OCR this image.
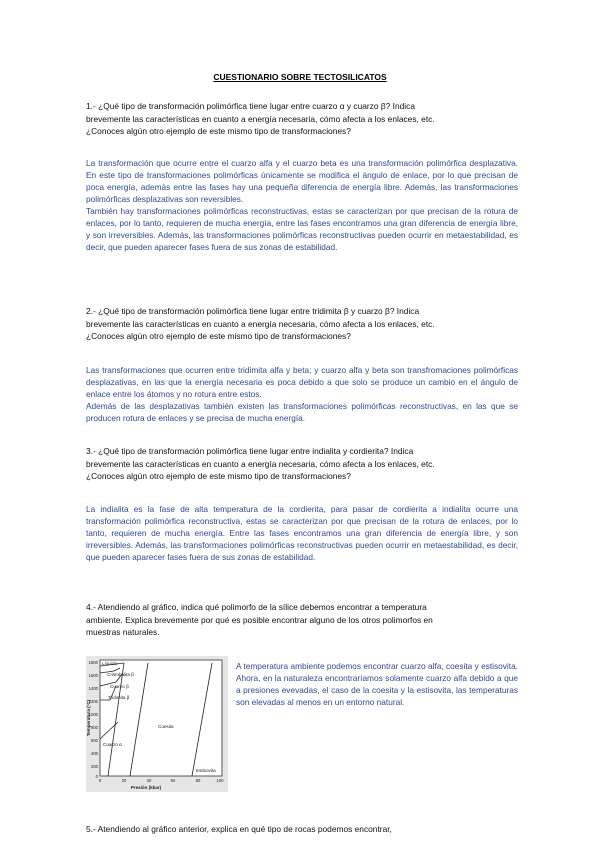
CUESTIONARIO SOBRE TECTOSILICATOS
1.- ¿Qué tipo de transformación polimórfica tiene lugar entre cuarzo α y cuarzo β? Indica
brevemente las características en cuanto a energía necesaria, cómo afecta a los enlaces, etc.
¿Conoces algún otro ejemplo de este mismo tipo de transformaciones?
La transformación que ocurre entre el cuarzo alfa y el cuarzo beta es una transformación polimórfica desplazativa. En este tipo de transformaciones polimórficas únicamente se modifica el ángulo de enlace, por lo que precisan de poca energía, además entre las fases hay una pequeña diferencia de energía libre. Además, las transformaciones polimórficas desplazativas son reversibles.
También hay transformaciones polimórficas reconstructivas, estas se caracterizan por que precisan de la rotura de enlaces, por lo tanto, requieren de mucha energía, entre las fases encontramos una gran diferencia de energía libre, y son irreversibles. Además, las transformaciones polimórficas reconstructivas pueden ocurrir en metaestabilidad, es decir, que pueden aparecer fases fuera de sus zonas de estabilidad.
2.- ¿Qué tipo de transformación polimórfica tiene lugar entre tridimita β y cuarzo β? Indica
brevemente las características en cuanto a energía necesaria, cómo afecta a los enlaces, etc.
¿Conoces algún otro ejemplo de este mismo tipo de transformaciones?
Las transformaciones que ocurren entre tridimita alfa y beta; y cuarzo alfa y beta son transfromaciones polimórficas desplazativas, en las que la energía necesaria es poca debido a que solo se produce un cambio en el ángulo de enlace entre los átomos y no rotura entre estos.
Además de las desplazativas también existen las transformaciones polimórficas reconstructivas, en las que se producen rotura de enlaces y se precisa de mucha energía.
3.- ¿Qué tipo de transformación polimórfica tiene lugar entre indialita y cordierita? Indica
brevemente las características en cuanto a energía necesaria, cómo afecta a los enlaces, etc.
¿Conoces algún otro ejemplo de este mismo tipo de transformaciones?
La indialita es la fase de alta temperatura de la cordierita, para pasar de cordierita a indialita ocurre una transformación polimórfica reconstructiva, estas se caracterizan por que precisan de la rotura de enlaces, por lo tanto, requieren de mucha energía. Entre las fases encontramos una gran diferencia de energía libre, y son irreversibles. Además, las transformaciones polimórficas reconstructivas pueden ocurrir en metaestabilidad, es decir, que pueden aparecer fases fuera de sus zonas de estabilidad.
4.- Atendiendo al gráfico, indica qué polimorfo de la sílice debemos encontrar a temperatura
ambiente. Explica brevemente por qué es posible encontrar alguno de los otros polimorfos en
muestras naturales.
1800
1600
1400
1200
1000
800
600
400
200
0
0	20	40	60	80	100
Presión (kbar)
Temperatura (°C)
Líquido
Cristobalita β
Cuarzo β
Tridimita β
Coesita
Cuarzo α
Estisovita
A temperatura ambiente podemos encontrar cuarzo alfa, coesita y estisovita. Ahora, en la naturaleza encontraríamos solamente cuarzo alfa debido a que a presiones evevadas, el caso de la coesita y la estisovita, las temperaturas son elevadas al menos en un entorno natural.
5.- Atendiendo al gráfico anterior, explica en qué tipo de rocas podemos encontrar,
